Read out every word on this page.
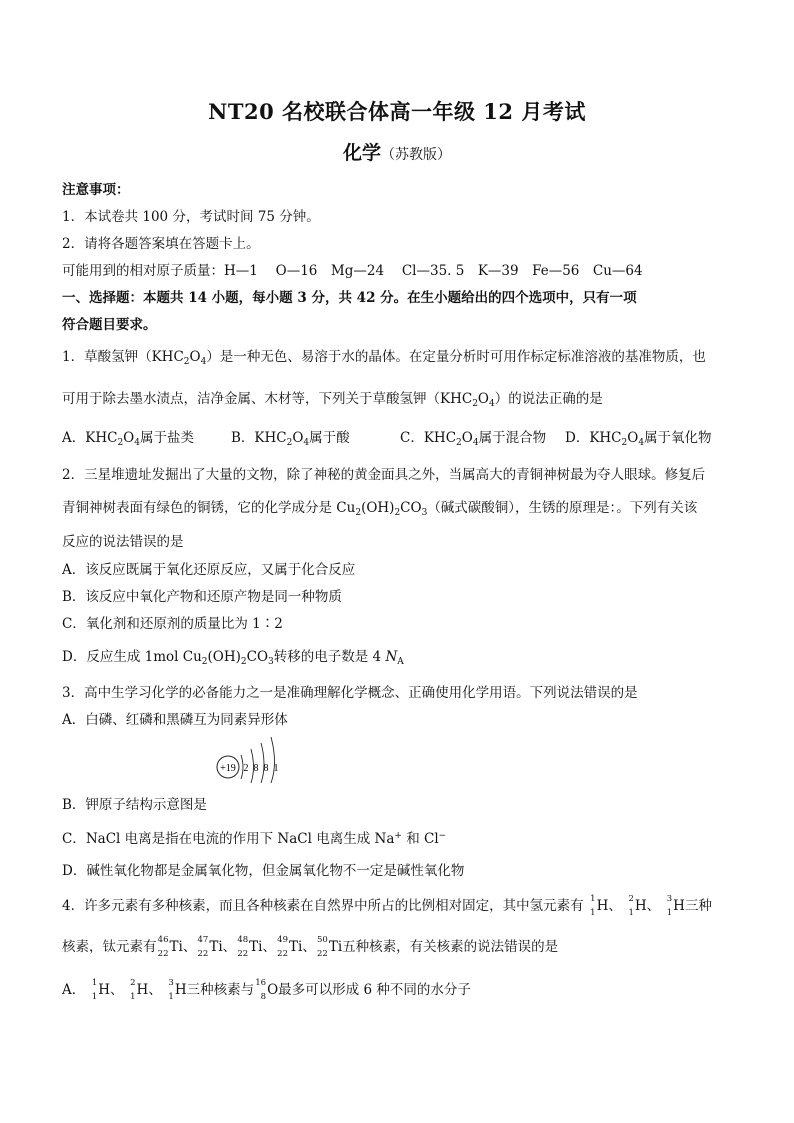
NT20 名校联合体高一年级 12 月考试
化学（苏教版）
注意事项：
1．本试卷共 100 分，考试时间 75 分钟。
2．请将各题答案填在答题卡上。
可能用到的相对原子质量：H—1　 O—16　Mg—24　 Cl—35. 5　K—39　Fe—56　Cu—64
一、选择题：本题共 14 小题，每小题 3 分，共 42 分。在生小题给出的四个选项中，只有一项
符合题目要求。
1．草酸氢钾$(KHC_2O_4)$是一种无色、易溶于水的晶体。在定量分析时可用作标定标准溶液的基准物质，也
可用于除去墨水渍点，洁净金属、木材等，下列关于草酸氢钾$(KHC_2O_4)$的说法正确的是
A．$KHC_2O_4$属于盐类	B．$KHC_2O_4$属于酸	C．$KHC_2O_4$属于混合物 D．$KHC_2O_4$属于氧化物
2．三星堆遗址发掘出了大量的文物，除了神秘的黄金面具之外，当属高大的青铜神树最为夺人眼球。修复后
青铜神树表面有绿色的铜锈，它的化学成分是 $Cu_2(OH)_2CO_3$（碱式碳酸铜），生锈的原理是：。下列有关该
反应的说法错误的是
A．该反应既属于氧化还原反应，又属于化合反应
B．该反应中氧化产物和还原产物是同一种物质
C．氧化剂和还原剂的质量比为 1∶2
D．反应生成 1mol $Cu_2(OH)_2CO_3$转移的电子数是 4 $N_A$
3．高中生学习化学的必备能力之一是准确理解化学概念、正确使用化学用语。下列说法错误的是
A．白磷、红磷和黑磷互为同素异形体
+19 2 8 8 1
B．钾原子结构示意图是
C．NaCl 电离是指在电流的作用下 NaCl 电离生成 Na+ 和 Cl−
D．碱性氧化物都是金属氧化物，但金属氧化物不一定是碱性氧化物
4．许多元素有多种核素，而且各种核素在自然界中所占的比例相对固定，其中氢元素有 1
1 H、 2
1 H、 3
1 H三种
核素，钛元素有 46
22 Ti、 47
22 Ti、 48
22 Ti、 49
22 Ti、 50
22 Ti五种核素，有关核素的说法错误的是
A． 1
1 H、 2
1 H、 3
1 H三种核素与 16
8 O最多可以形成 6 种不同的水分子
